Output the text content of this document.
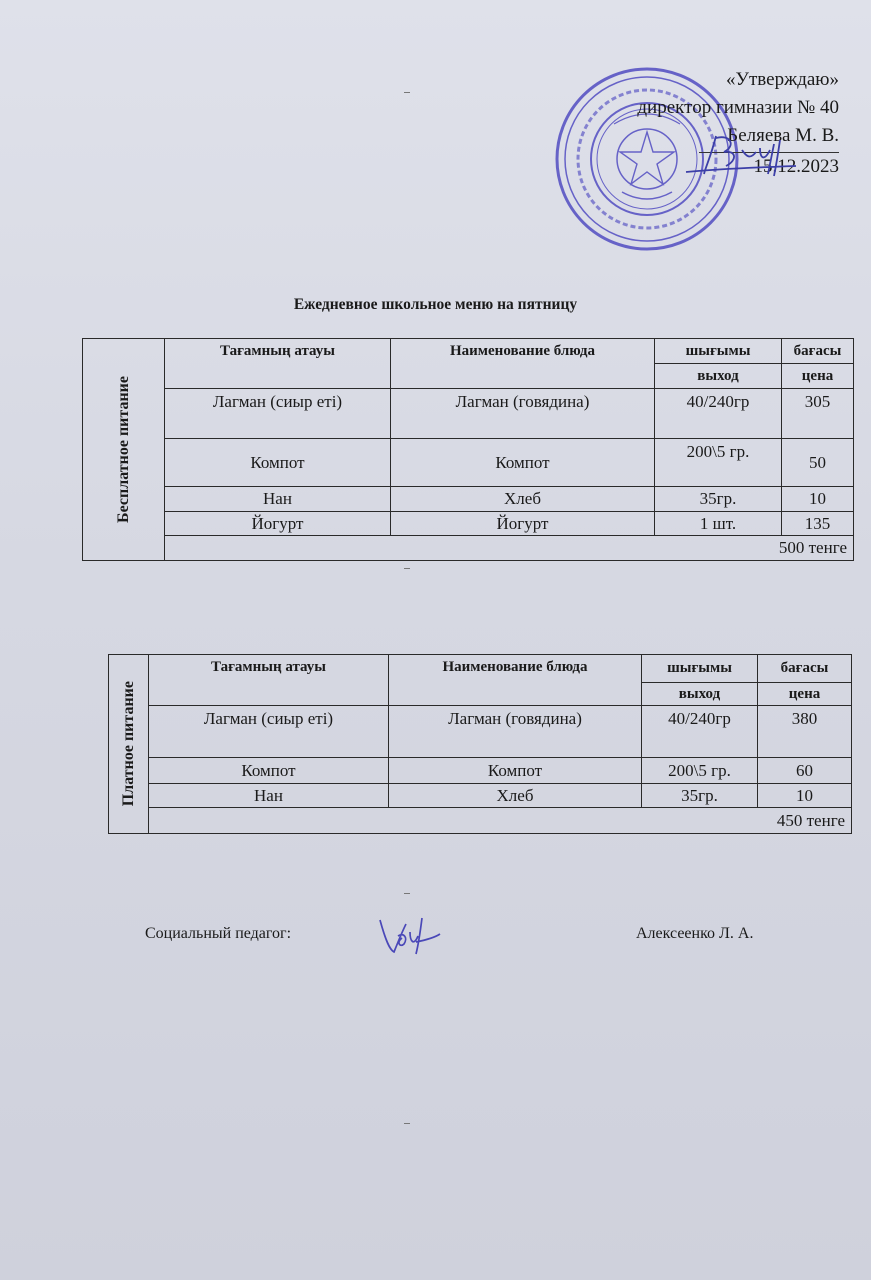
«Утверждаю»
директор гимназии № 40
Беляева М. В.
15.12.2023
Ежедневное школьное меню на пятницу
Бесплатное питание	Тағамның атауы	Наименование блюда	шығымы	бағасы
			выход	цена
	Лагман (сиыр еті)	Лагман (говядина)	40/240гр	305
	Компот	Компот	200\5 гр.	50
	Нан	Хлеб	35гр.	10
	Йогурт	Йогурт	1 шт.	135
	500 тенге			
Платное питание	Тағамның атауы	Наименование блюда	шығымы	бағасы
			выход	цена
	Лагман (сиыр еті)	Лагман (говядина)	40/240гр	380
	Компот	Компот	200\5 гр.	60
	Нан	Хлеб	35гр.	10
	450 тенге			
Социальный педагог:	Алексеенко Л. А.
